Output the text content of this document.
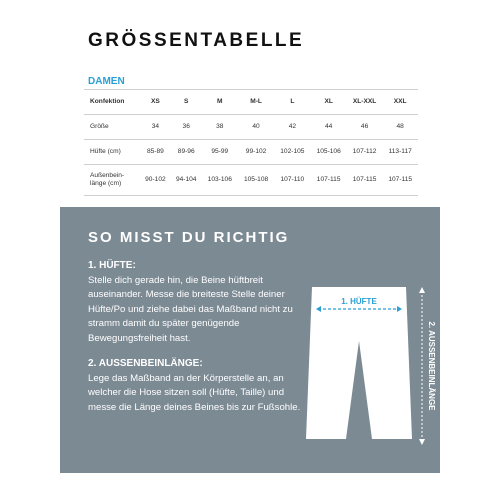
GRÖSSENTABELLE
DAMEN
Konfektion	XS	S	M	M-L	L	XL	XL-XXL	XXL
Größe	34	36	38	40	42	44	46	48
Hüfte (cm)	85-89	89-96	95-99	99-102	102-105	105-106	107-112	113-117
Außenbein-länge (cm)	90-102	94-104	103-106	105-108	107-110	107-115	107-115	107-115
SO MISST DU RICHTIG
1. HÜFTE:

Stelle dich gerade hin, die Beine hüftbreit auseinander. Messe die breiteste Stelle deiner Hüfte/Po und ziehe dabei das Maßband nicht zu stramm damit du später genügende Bewegungsfreiheit hast.

2. AUSSENBEINLÄNGE:

Lege das Maßband an der Körperstelle an, an welcher die Hose sitzen soll (Hüfte, Taille) und messe die Länge deines Beines bis zur Fußsohle.

1. HÜFTE
2. AUSSENBEINLÄNGE
